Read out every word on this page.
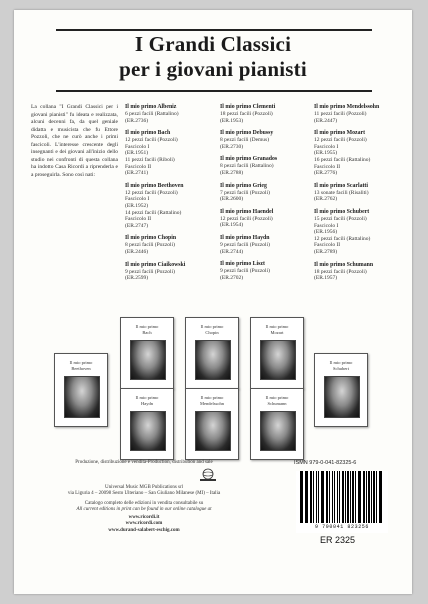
I Grandi Classici
per i giovani pianisti
La collana "I Grandi Classici per i giovani pianisti" fu ideata e realizzata, alcuni decenni fa, da quel geniale didatta e musicista che fu Ettore Pozzoli, che ne curò anche i primi fascicoli. L'interesse crescente degli insegnanti e dei giovani all'inizio dello studio nei confronti di questa collana ha indotto Casa Ricordi a riprenderla e a proseguirla. Sono così nati:
Il mio primo Albeniz
6 pezzi facili (Rattalino)
(ER.2736)
Il mio primo Bach
12 pezzi facili (Pozzoli)
Fascicolo I
(ER.1951)
11 pezzi facili (Riboli)
Fascicolo II
(ER.2741)
Il mio primo Beethoven
12 pezzi facili (Pozzoli)
Fascicolo I
(ER.1952)
14 pezzi facili (Rattalino)
Fascicolo II
(ER.2747)
Il mio primo Chopin
8 pezzi facili (Pozzoli)
(ER.2446)
Il mio primo Ciaikowski
9 pezzi facili (Pozzoli)
(ER.2599)
Il mio primo Clementi
18 pezzi facili (Pozzoli)
(ER.1953)
Il mio primo Debussy
8 pezzi facili (Demus)
(ER.2730)
Il mio primo Granados
8 pezzi facili (Rattalino)
(ER.2788)
Il mio primo Grieg
7 pezzi facili (Pozzoli)
(ER.2600)
Il mio primo Haendel
12 pezzi facili (Pozzoli)
(ER.1954)
Il mio primo Haydn
9 pezzi facili (Pozzoli)
(ER.2744)
Il mio primo Liszt
9 pezzi facili (Pozzoli)
(ER.2702)
Il mio primo Mendelssohn
11 pezzi facili (Pozzoli)
(ER.2447)
Il mio primo Mozart
12 pezzi facili (Pozzoli)
Fascicolo I
(ER.1955)
16 pezzi facili (Rattalino)
Fascicolo II
(ER.2776)
Il mio primo Scarlatti
13 sonate facili (Risaliti)
(ER.2762)
Il mio primo Schubert
15 pezzi facili (Pozzoli)
Fascicolo I
(ER.1956)
12 pezzi facili (Rattalino)
Fascicolo II
(ER.2789)
Il mio primo Schumann
18 pezzi facili (Pozzoli)
(ER.1957)
Il mio primo
Bach
Il mio primo
Chopin
Il mio primo
Mozart
Il mio primo
Beethoven
Il mio primo
Schubert
Il mio primo
Haydn
Il mio primo
Mendelssohn
Il mio primo
Schumann
Produzione, distribuzione e vendita-Production, distribution and sale
Universal Music MGB Publications srl
via Liguria 4 – 20098 Sesto Ulteriano – San Giuliano Milanese (MI) – Italia
Catalogo completo delle edizioni in vendita consultabile su
All current editions in print can be found in our online catalogue at
www.ricordi.it
www.ricordi.com
www.durand-salabert-eschig.com
ISMN 979-0-041-82325-6
9 790041 823256
ER 2325
